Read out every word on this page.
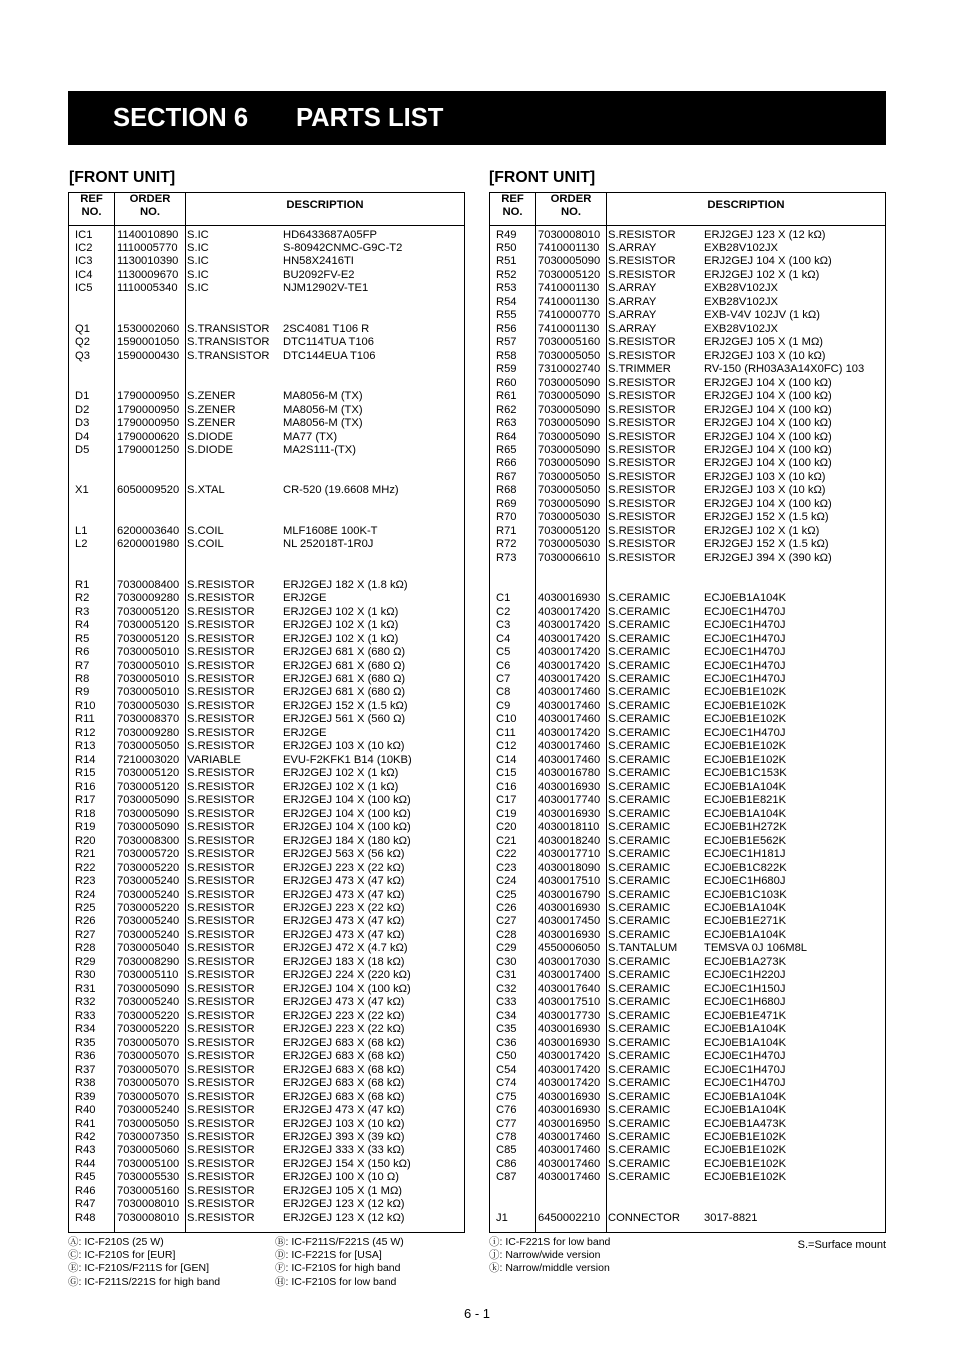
SECTION 6 PARTS LIST
[FRONT UNIT]	[FRONT UNIT]
REF
NO.
ORDER
NO.
DESCRIPTION
IC1 1140010890 S.IC	HD6433687A05FP
IC2 1110005770 S.IC	S-80942CNMC-G9C-T2
IC3 1130010390 S.IC	HN58X2416TI
IC4 1130009670 S.IC	BU2092FV-E2
IC5 1110005340 S.IC	NJM12902V-TE1
Q1 1530002060 S.TRANSISTOR 2SC4081 T106 R
Q2 1590001050 S.TRANSISTOR DTC114TUA T106
Q3 1590000430 S.TRANSISTOR DTC144EUA T106
D1 1790000950 S.ZENER	MA8056-M (TX)
D2 1790000950 S.ZENER	MA8056-M (TX)
D3 1790000950 S.ZENER	MA8056-M (TX)
D4 1790000620 S.DIODE	MA77 (TX)
D5 1790001250 S.DIODE	MA2S111-(TX)
X1	6050009520 S.XTAL	CR-520 (19.6608 MHz)
L1	6200003640 S.COIL	MLF1608E 100K-T
L2	6200001980 S.COIL	NL 252018T-1R0J
R1 7030008400 S.RESISTOR	ERJ2GEJ 182 X (1.8 kΩ)
R2 7030009280 S.RESISTOR	ERJ2GE
R3 7030005120 S.RESISTOR	ERJ2GEJ 102 X (1 kΩ)
R4 7030005120 S.RESISTOR	ERJ2GEJ 102 X (1 kΩ)
R5 7030005120 S.RESISTOR	ERJ2GEJ 102 X (1 kΩ)
R6 7030005010 S.RESISTOR	ERJ2GEJ 681 X (680 Ω)
R7 7030005010 S.RESISTOR	ERJ2GEJ 681 X (680 Ω)
R8 7030005010 S.RESISTOR	ERJ2GEJ 681 X (680 Ω)
R9 7030005010 S.RESISTOR	ERJ2GEJ 681 X (680 Ω)
R10 7030005030 S.RESISTOR	ERJ2GEJ 152 X (1.5 kΩ)
R11 7030008370 S.RESISTOR	ERJ2GEJ 561 X (560 Ω)
R12 7030009280 S.RESISTOR	ERJ2GE
R13 7030005050 S.RESISTOR	ERJ2GEJ 103 X (10 kΩ)
R14 7210003020 VARIABLE	EVU-F2KFK1 B14 (10KB)
R15 7030005120 S.RESISTOR	ERJ2GEJ 102 X (1 kΩ)
R16 7030005120 S.RESISTOR	ERJ2GEJ 102 X (1 kΩ)
R17 7030005090 S.RESISTOR	ERJ2GEJ 104 X (100 kΩ)
R18 7030005090 S.RESISTOR	ERJ2GEJ 104 X (100 kΩ)
R19 7030005090 S.RESISTOR	ERJ2GEJ 104 X (100 kΩ)
R20 7030008300 S.RESISTOR	ERJ2GEJ 184 X (180 kΩ)
R21 7030005720 S.RESISTOR	ERJ2GEJ 563 X (56 kΩ)
R22 7030005220 S.RESISTOR	ERJ2GEJ 223 X (22 kΩ)
R23 7030005240 S.RESISTOR	ERJ2GEJ 473 X (47 kΩ)
R24 7030005240 S.RESISTOR	ERJ2GEJ 473 X (47 kΩ)
R25 7030005220 S.RESISTOR	ERJ2GEJ 223 X (22 kΩ)
R26 7030005240 S.RESISTOR	ERJ2GEJ 473 X (47 kΩ)
R27 7030005240 S.RESISTOR	ERJ2GEJ 473 X (47 kΩ)
R28 7030005040 S.RESISTOR	ERJ2GEJ 472 X (4.7 kΩ)
R29 7030008290 S.RESISTOR	ERJ2GEJ 183 X (18 kΩ)
R30 7030005110 S.RESISTOR	ERJ2GEJ 224 X (220 kΩ)
R31 7030005090 S.RESISTOR	ERJ2GEJ 104 X (100 kΩ)
R32 7030005240 S.RESISTOR	ERJ2GEJ 473 X (47 kΩ)
R33 7030005220 S.RESISTOR	ERJ2GEJ 223 X (22 kΩ)
R34 7030005220 S.RESISTOR	ERJ2GEJ 223 X (22 kΩ)
R35 7030005070 S.RESISTOR	ERJ2GEJ 683 X (68 kΩ)
R36 7030005070 S.RESISTOR	ERJ2GEJ 683 X (68 kΩ)
R37 7030005070 S.RESISTOR	ERJ2GEJ 683 X (68 kΩ)
R38 7030005070 S.RESISTOR	ERJ2GEJ 683 X (68 kΩ)
R39 7030005070 S.RESISTOR	ERJ2GEJ 683 X (68 kΩ)
R40 7030005240 S.RESISTOR	ERJ2GEJ 473 X (47 kΩ)
R41 7030005050 S.RESISTOR	ERJ2GEJ 103 X (10 kΩ)
R42 7030007350 S.RESISTOR	ERJ2GEJ 393 X (39 kΩ)
R43 7030005060 S.RESISTOR	ERJ2GEJ 333 X (33 kΩ)
R44 7030005100 S.RESISTOR	ERJ2GEJ 154 X (150 kΩ)
R45 7030005530 S.RESISTOR	ERJ2GEJ 100 X (10 Ω)
R46 7030005160 S.RESISTOR	ERJ2GEJ 105 X (1 MΩ)
R47 7030008010 S.RESISTOR	ERJ2GEJ 123 X (12 kΩ)
R48 7030008010 S.RESISTOR	ERJ2GEJ 123 X (12 kΩ)
REF
NO.
ORDER
NO.
DESCRIPTION
R49 7030008010 S.RESISTOR	ERJ2GEJ 123 X (12 kΩ)
R50 7410001130 S.ARRAY	EXB28V102JX
R51 7030005090 S.RESISTOR	ERJ2GEJ 104 X (100 kΩ)
R52 7030005120 S.RESISTOR	ERJ2GEJ 102 X (1 kΩ)
R53 7410001130 S.ARRAY	EXB28V102JX
R54 7410001130 S.ARRAY	EXB28V102JX
R55 7410000770 S.ARRAY	EXB-V4V 102JV (1 kΩ)
R56 7410001130 S.ARRAY	EXB28V102JX
R57 7030005160 S.RESISTOR	ERJ2GEJ 105 X (1 MΩ)
R58 7030005050 S.RESISTOR	ERJ2GEJ 103 X (10 kΩ)
R59 7310002740 S.TRIMMER	RV-150 (RH03A3A14X0FC) 103
R60 7030005090 S.RESISTOR	ERJ2GEJ 104 X (100 kΩ)
R61 7030005090 S.RESISTOR	ERJ2GEJ 104 X (100 kΩ)
R62 7030005090 S.RESISTOR	ERJ2GEJ 104 X (100 kΩ)
R63 7030005090 S.RESISTOR	ERJ2GEJ 104 X (100 kΩ)
R64 7030005090 S.RESISTOR	ERJ2GEJ 104 X (100 kΩ)
R65 7030005090 S.RESISTOR	ERJ2GEJ 104 X (100 kΩ)
R66 7030005090 S.RESISTOR	ERJ2GEJ 104 X (100 kΩ)
R67 7030005050 S.RESISTOR	ERJ2GEJ 103 X (10 kΩ)
R68 7030005050 S.RESISTOR	ERJ2GEJ 103 X (10 kΩ)
R69 7030005090 S.RESISTOR	ERJ2GEJ 104 X (100 kΩ)
R70 7030005030 S.RESISTOR	ERJ2GEJ 152 X (1.5 kΩ)
R71 7030005120 S.RESISTOR	ERJ2GEJ 102 X (1 kΩ)
R72 7030005030 S.RESISTOR	ERJ2GEJ 152 X (1.5 kΩ)
R73 7030006610 S.RESISTOR	ERJ2GEJ 394 X (390 kΩ)
C1 4030016930 S.CERAMIC	ECJ0EB1A104K
C2 4030017420 S.CERAMIC	ECJ0EC1H470J
C3 4030017420 S.CERAMIC	ECJ0EC1H470J
C4 4030017420 S.CERAMIC	ECJ0EC1H470J
C5 4030017420 S.CERAMIC	ECJ0EC1H470J
C6 4030017420 S.CERAMIC	ECJ0EC1H470J
C7 4030017420 S.CERAMIC	ECJ0EC1H470J
C8 4030017460 S.CERAMIC	ECJ0EB1E102K
C9 4030017460 S.CERAMIC	ECJ0EB1E102K
C10 4030017460 S.CERAMIC	ECJ0EB1E102K
C11 4030017420 S.CERAMIC	ECJ0EC1H470J
C12 4030017460 S.CERAMIC	ECJ0EB1E102K
C14 4030017460 S.CERAMIC	ECJ0EB1E102K
C15 4030016780 S.CERAMIC	ECJ0EB1C153K
C16 4030016930 S.CERAMIC	ECJ0EB1A104K
C17 4030017740 S.CERAMIC	ECJ0EB1E821K
C19 4030016930 S.CERAMIC	ECJ0EB1A104K
C20 4030018110 S.CERAMIC	ECJ0EB1H272K
C21 4030018240 S.CERAMIC	ECJ0EB1E562K
C22 4030017710 S.CERAMIC	ECJ0EC1H181J
C23 4030018090 S.CERAMIC	ECJ0EB1C822K
C24 4030017510 S.CERAMIC	ECJ0EC1H680J
C25 4030016790 S.CERAMIC	ECJ0EB1C103K
C26 4030016930 S.CERAMIC	ECJ0EB1A104K
C27 4030017450 S.CERAMIC	ECJ0EB1E271K
C28 4030016930 S.CERAMIC	ECJ0EB1A104K
C29 4550006050 S.TANTALUM TEMSVA 0J 106M8L
C30 4030017030 S.CERAMIC	ECJ0EB1A273K
C31 4030017400 S.CERAMIC	ECJ0EC1H220J
C32 4030017640 S.CERAMIC	ECJ0EC1H150J
C33 4030017510 S.CERAMIC	ECJ0EC1H680J
C34 4030017730 S.CERAMIC	ECJ0EB1E471K
C35 4030016930 S.CERAMIC	ECJ0EB1A104K
C36 4030016930 S.CERAMIC	ECJ0EB1A104K
C50 4030017420 S.CERAMIC	ECJ0EC1H470J
C54 4030017420 S.CERAMIC	ECJ0EC1H470J
C74 4030017420 S.CERAMIC	ECJ0EC1H470J
C75 4030016930 S.CERAMIC	ECJ0EB1A104K
C76 4030016930 S.CERAMIC	ECJ0EB1A104K
C77 4030016950 S.CERAMIC	ECJ0EB1A473K
C78 4030017460 S.CERAMIC	ECJ0EB1E102K
C85 4030017460 S.CERAMIC	ECJ0EB1E102K
C86 4030017460 S.CERAMIC	ECJ0EB1E102K
C87 4030017460 S.CERAMIC	ECJ0EB1E102K
J1	6450002210 CONNECTOR 3017-8821
Ⓐ: IC-F210S (25 W)
Ⓒ: IC-F210S for [EUR]
Ⓔ: IC-F210S/F211S for [GEN]
Ⓖ: IC-F211S/221S for high band
Ⓑ: IC-F211S/F221S (45 W)
Ⓓ: IC-F221S for [USA]
Ⓕ: IC-F210S for high band
Ⓗ: IC-F210S for low band
ⓘ: IC-F221S for low band
ⓙ: Narrow/wide version
ⓚ: Narrow/middle version
S.=Surface mount
6 - 1
